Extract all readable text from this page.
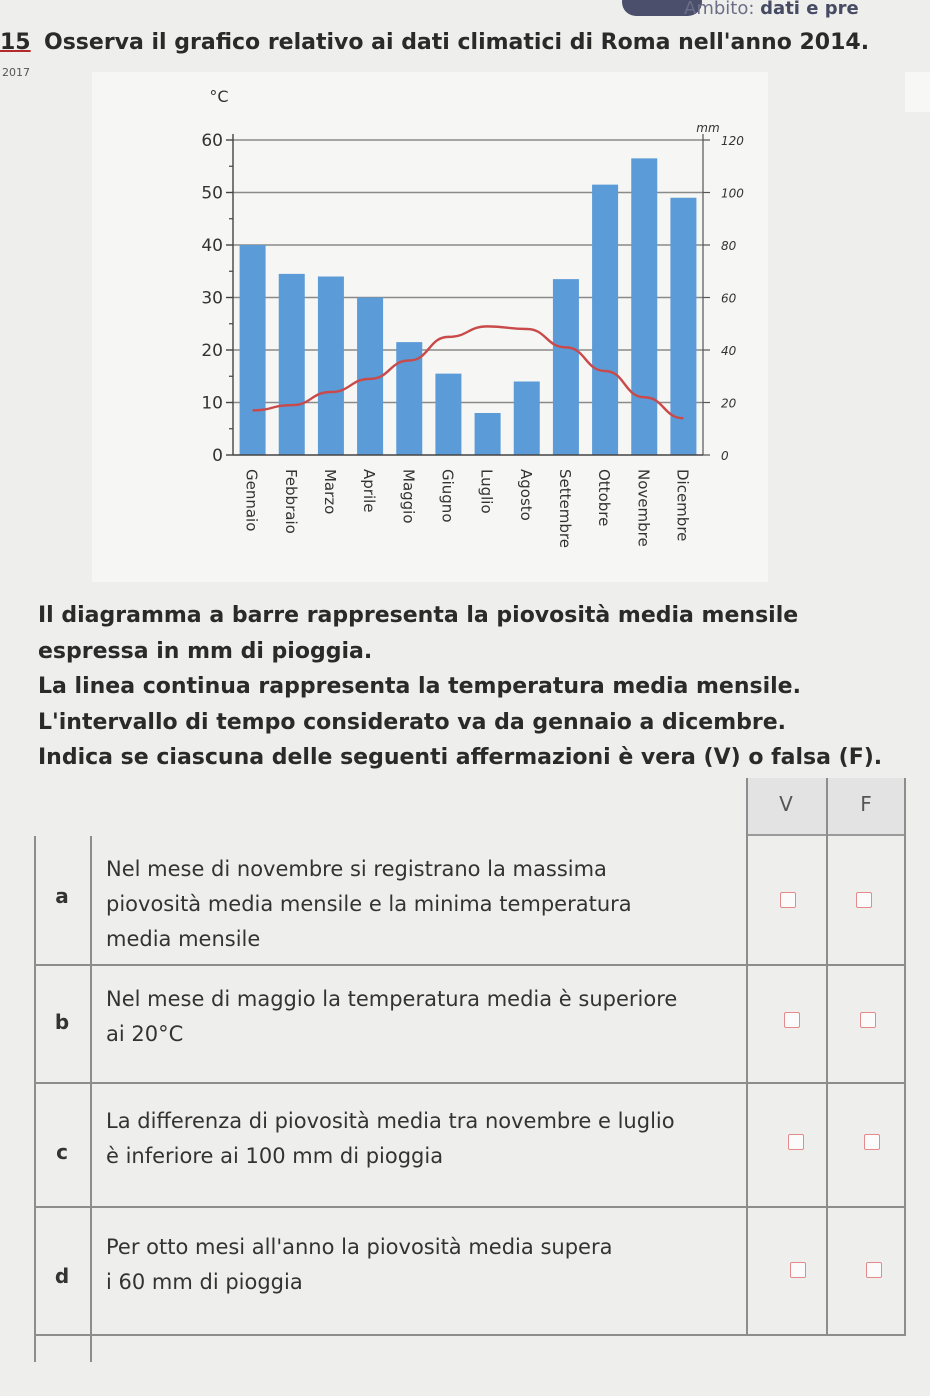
Ambito: dati e pre
15
2017
Osserva il grafico relativo ai dati climatici di Roma nell'anno 2014.
0
10
20
30
40
50
60
°C
0
20
40
60
80
100
120
mm
Gennaio Febbraio Marzo Aprile Maggio Giugno Luglio Agosto Settembre Ottobre Novembre Dicembre

Il diagramma a barre rappresenta la piovosità media mensile

espressa in mm di pioggia.

La linea continua rappresenta la temperatura media mensile.

L'intervallo di tempo considerato va da gennaio a dicembre.

Indica se ciascuna delle seguenti affermazioni è vera (V) o falsa (F).

V	F
a
Nel mese di novembre si registrano la massima
piovosità media mensile e la minima temperatura
media mensile
b
Nel mese di maggio la temperatura media è superiore
ai 20°C
c
La differenza di piovosità media tra novembre e luglio
è inferiore ai 100 mm di pioggia
d
Per otto mesi all'anno la piovosità media supera
i 60 mm di pioggia
